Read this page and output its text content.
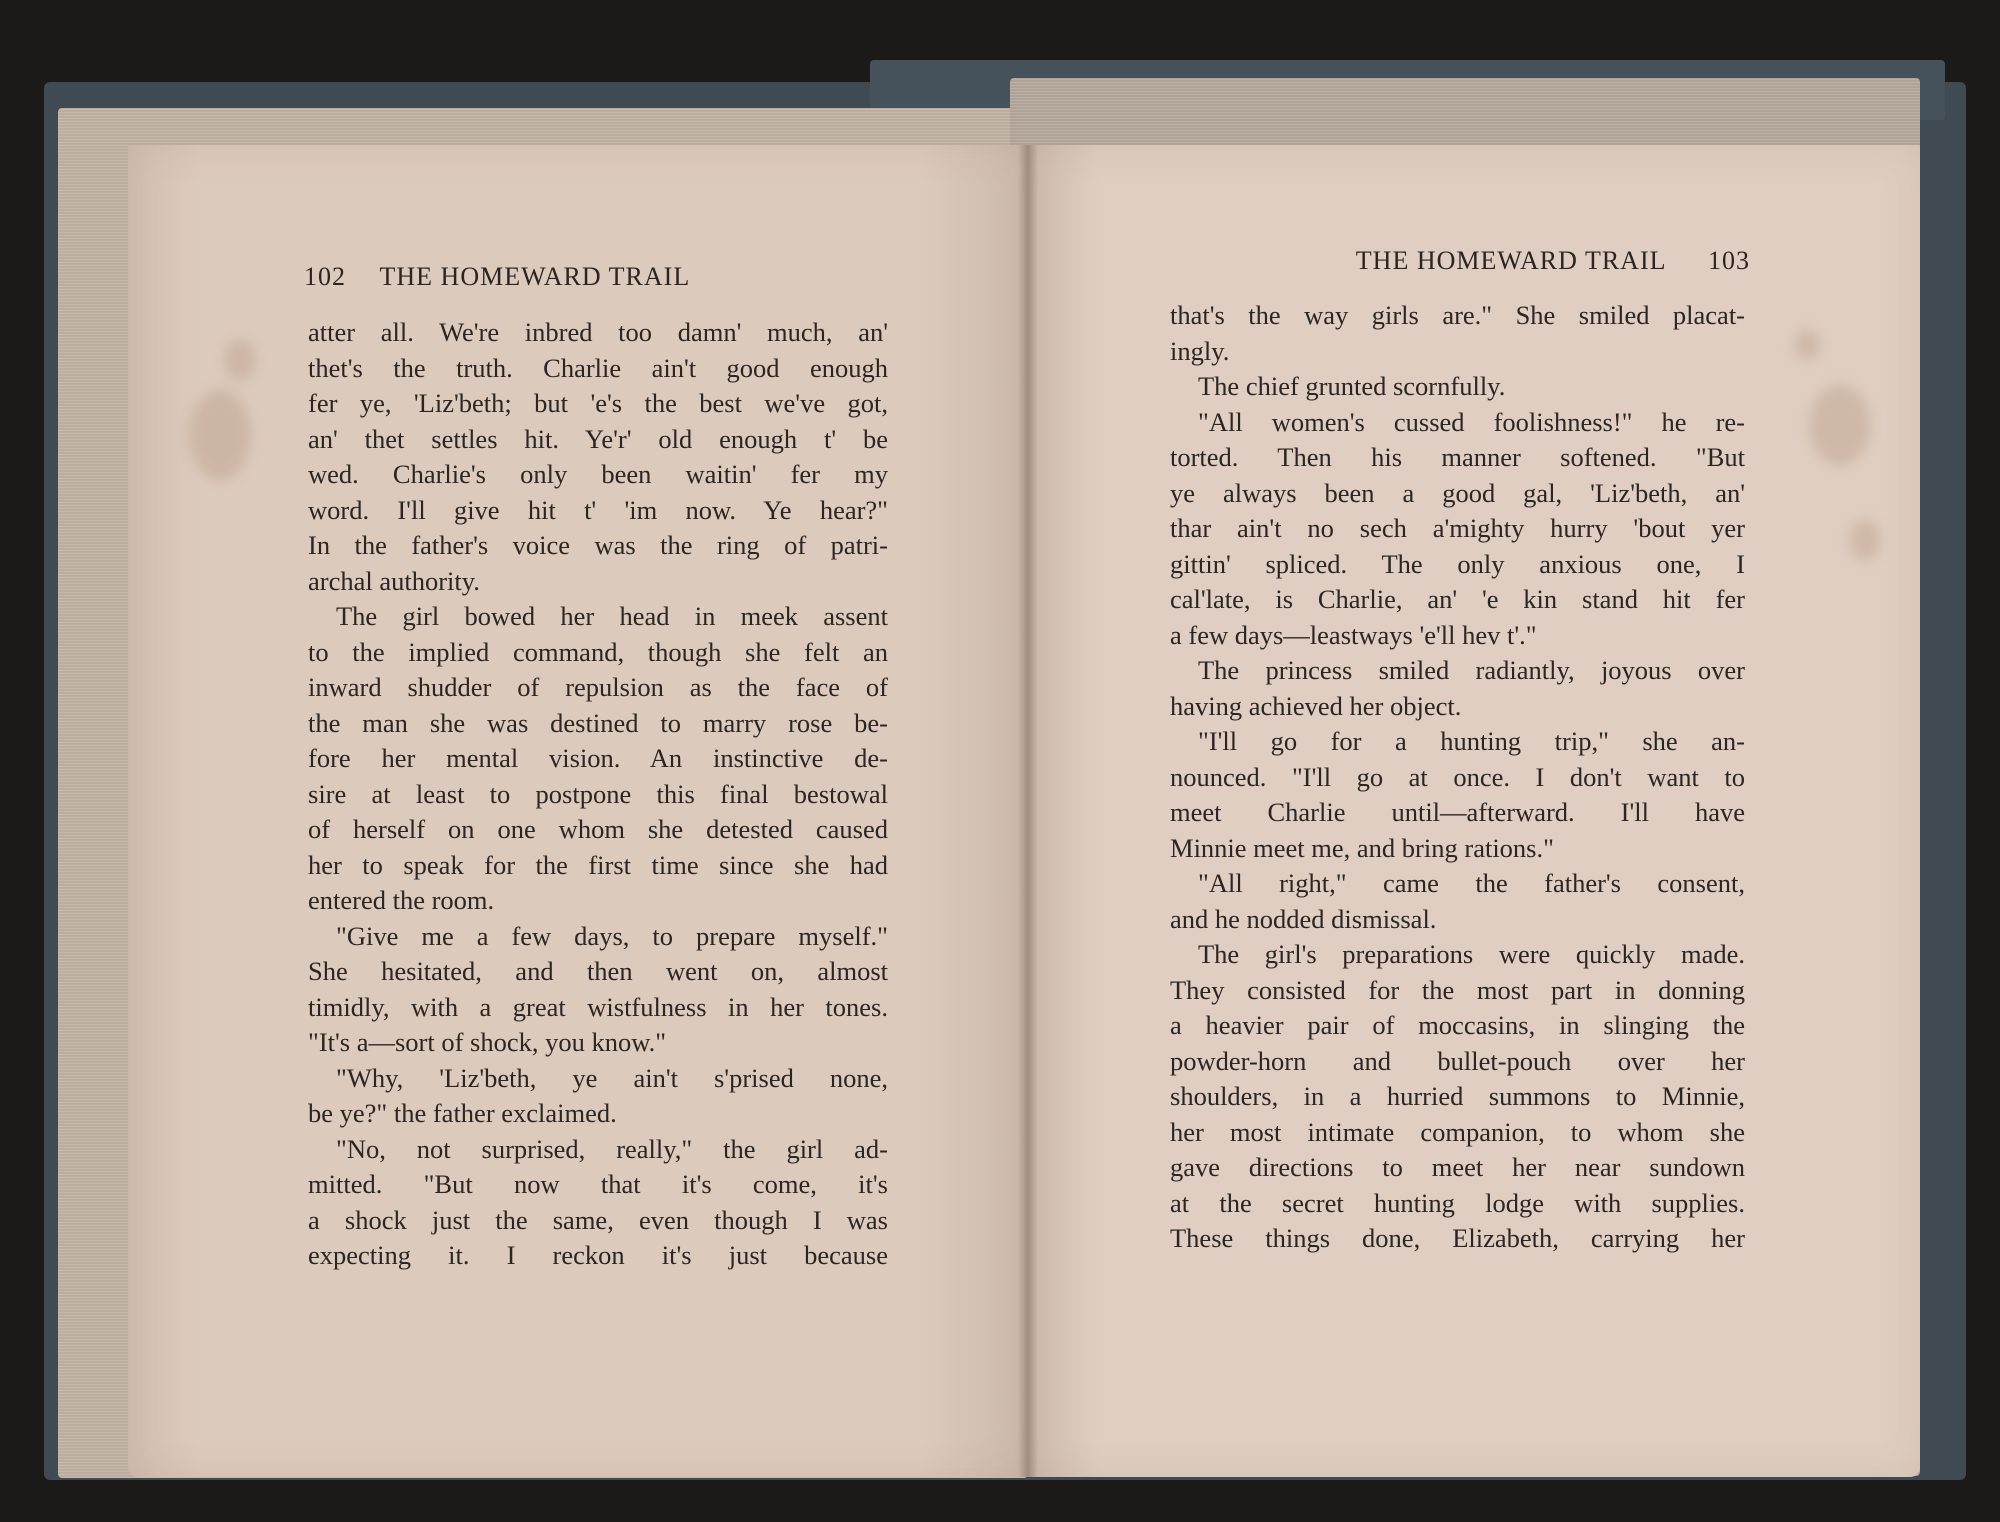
102 THE HOMEWARD TRAIL
THE HOMEWARD TRAIL 103
atter all. We're inbred too damn' much, an'
thet's the truth. Charlie ain't good enough
fer ye, 'Liz'beth; but 'e's the best we've got,
an' thet settles hit. Ye'r' old enough t' be
wed. Charlie's only been waitin' fer my
word. I'll give hit t' 'im now. Ye hear?"
In the father's voice was the ring of patri-
archal authority.
The girl bowed her head in meek assent
to the implied command, though she felt an
inward shudder of repulsion as the face of
the man she was destined to marry rose be-
fore her mental vision. An instinctive de-
sire at least to postpone this final bestowal
of herself on one whom she detested caused
her to speak for the first time since she had
entered the room.
"Give me a few days, to prepare myself."
She hesitated, and then went on, almost
timidly, with a great wistfulness in her tones.
"It's a—sort of shock, you know."
"Why, 'Liz'beth, ye ain't s'prised none,
be ye?" the father exclaimed.
"No, not surprised, really," the girl ad-
mitted. "But now that it's come, it's
a shock just the same, even though I was
expecting it. I reckon it's just because
that's the way girls are." She smiled placat-
ingly.
The chief grunted scornfully.
"All women's cussed foolishness!" he re-
torted. Then his manner softened. "But
ye always been a good gal, 'Liz'beth, an'
thar ain't no sech a'mighty hurry 'bout yer
gittin' spliced. The only anxious one, I
cal'late, is Charlie, an' 'e kin stand hit fer
a few days—leastways 'e'll hev t'."
The princess smiled radiantly, joyous over
having achieved her object.
"I'll go for a hunting trip," she an-
nounced. "I'll go at once. I don't want to
meet Charlie until—afterward. I'll have
Minnie meet me, and bring rations."
"All right," came the father's consent,
and he nodded dismissal.
The girl's preparations were quickly made.
They consisted for the most part in donning
a heavier pair of moccasins, in slinging the
powder-horn and bullet-pouch over her
shoulders, in a hurried summons to Minnie,
her most intimate companion, to whom she
gave directions to meet her near sundown
at the secret hunting lodge with supplies.
These things done, Elizabeth, carrying her
